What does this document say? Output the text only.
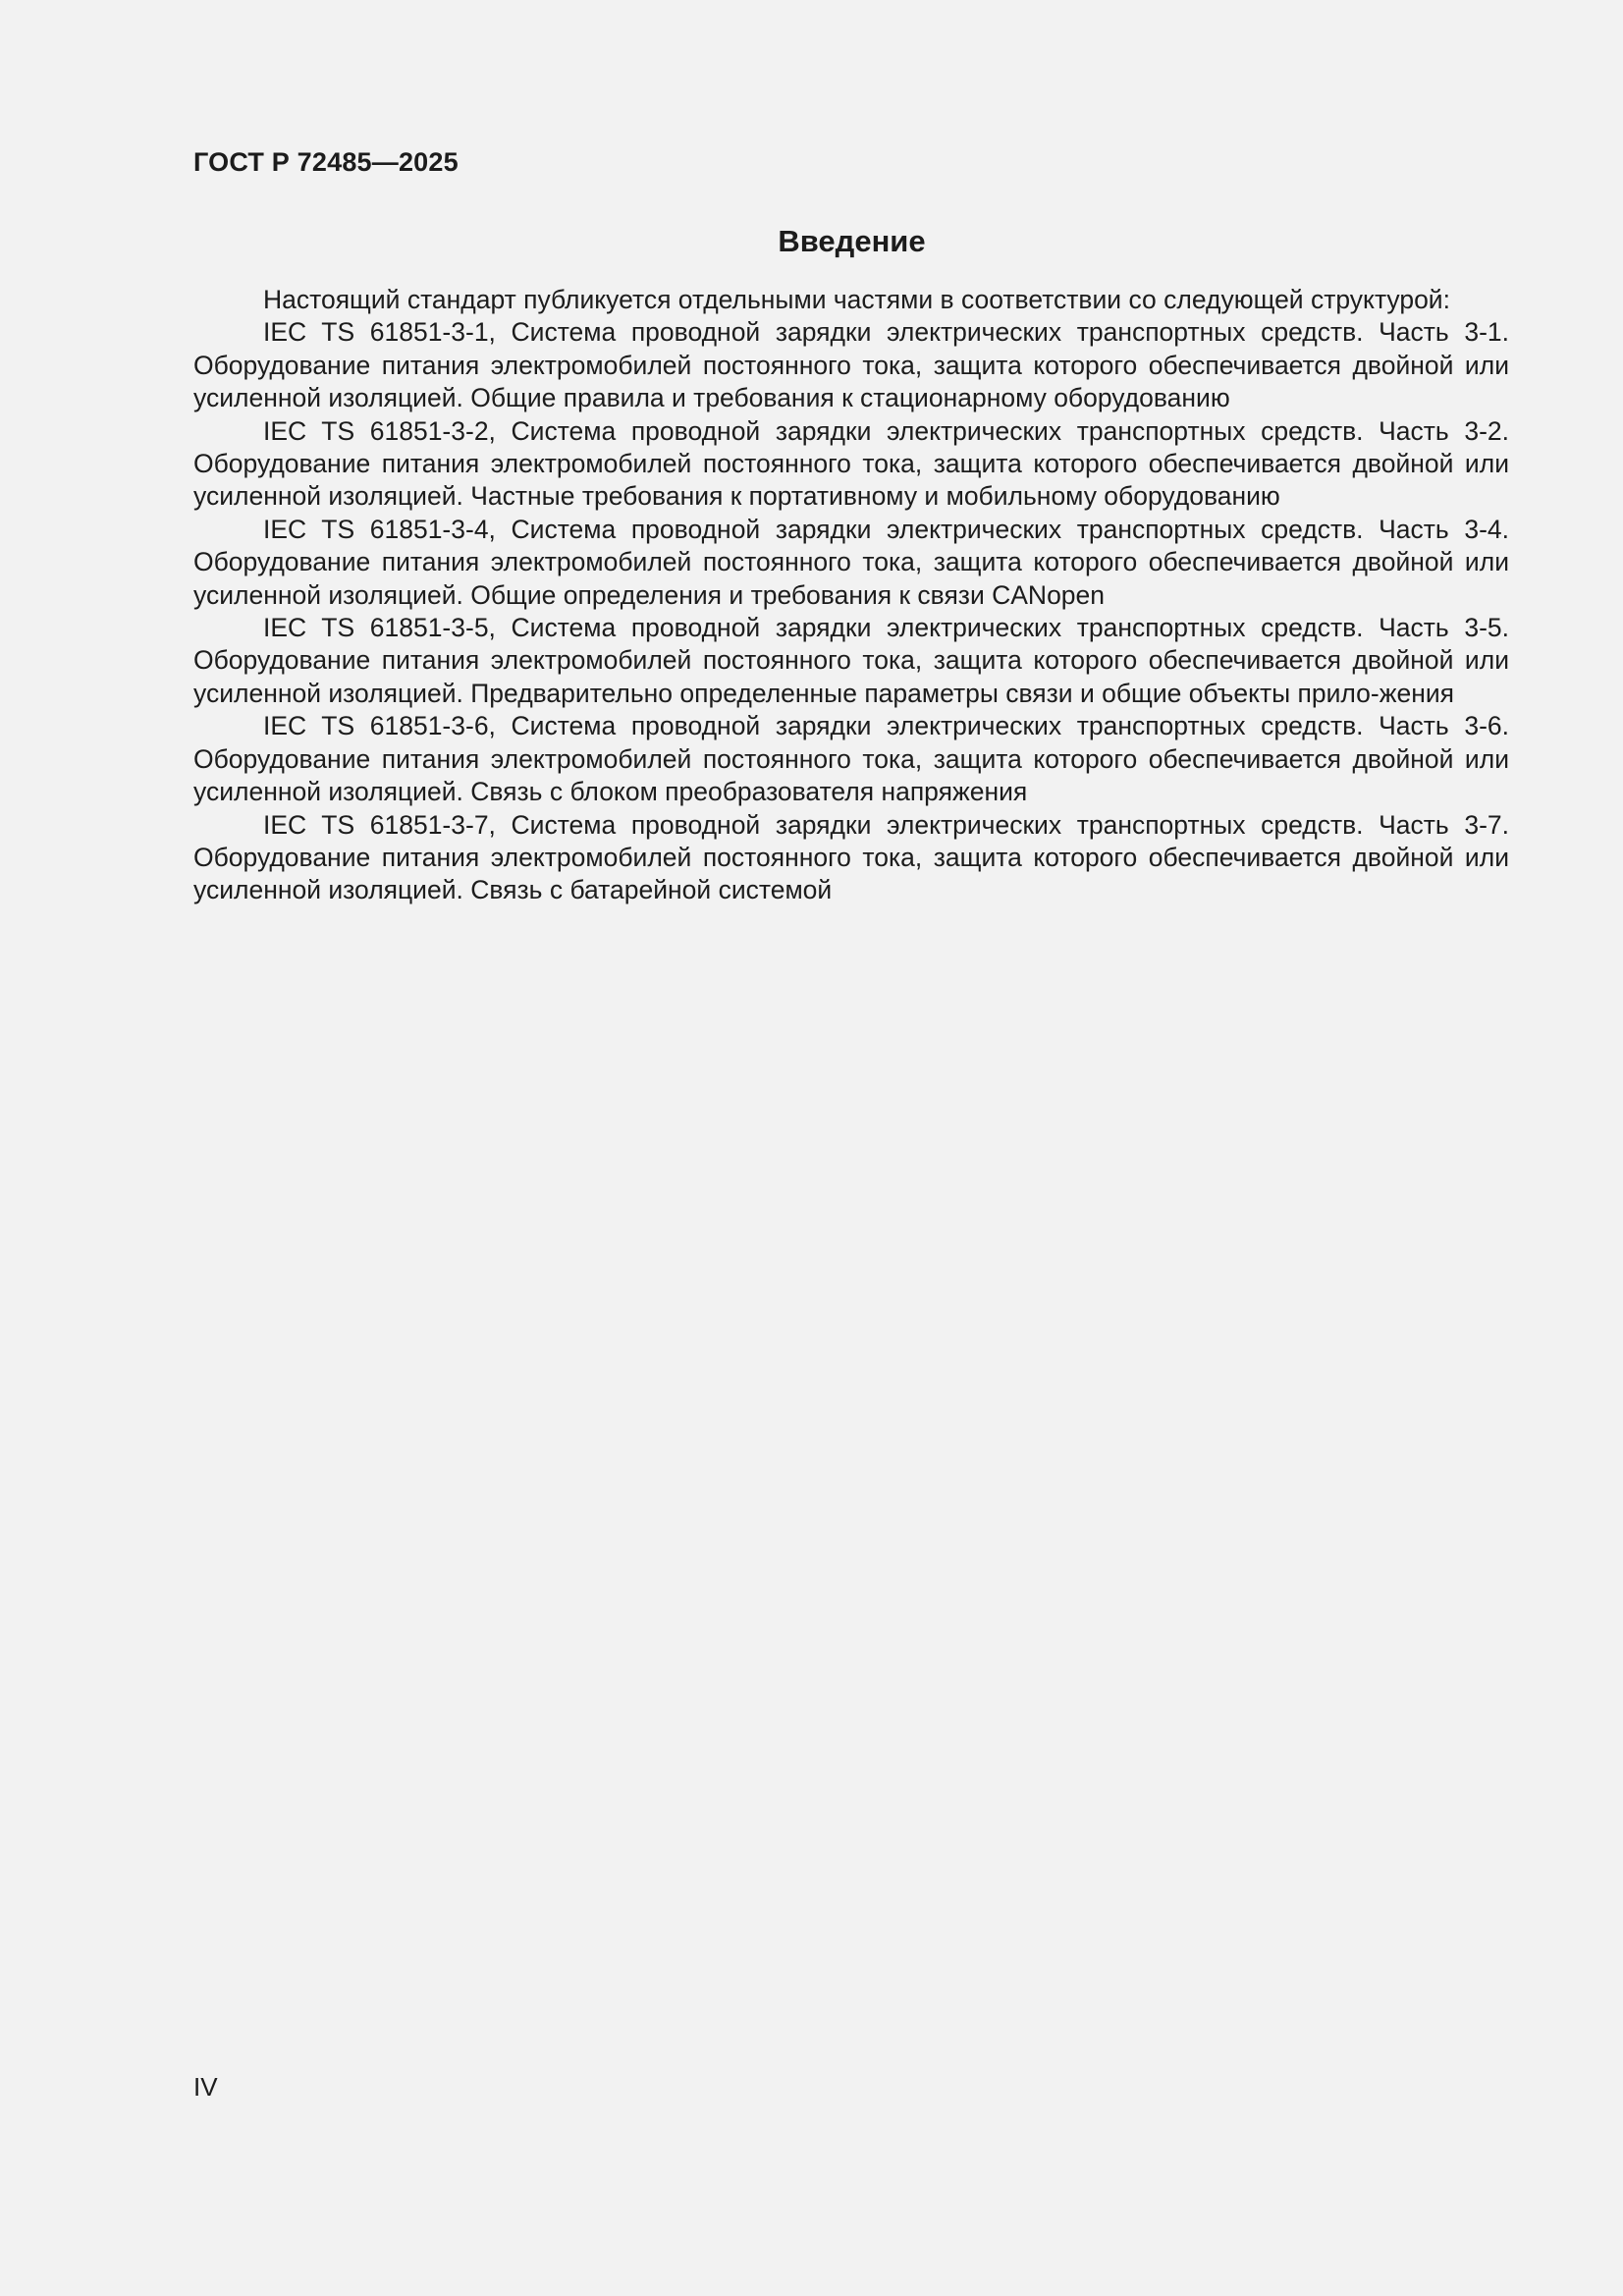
ГОСТ Р 72485—2025

Введение

Настоящий стандарт публикуется отдельными частями в соответствии со следующей структурой:

IEC TS 61851-3-1, Система проводной зарядки электрических транспортных средств. Часть 3-1. Оборудование питания электромобилей постоянного тока, защита которого обеспечивается двойной или усиленной изоляцией. Общие правила и требования к стационарному оборудованию

IEC TS 61851-3-2, Система проводной зарядки электрических транспортных средств. Часть 3-2. Оборудование питания электромобилей постоянного тока, защита которого обеспечивается двойной или усиленной изоляцией. Частные требования к портативному и мобильному оборудованию

IEC TS 61851-3-4, Система проводной зарядки электрических транспортных средств. Часть 3-4. Оборудование питания электромобилей постоянного тока, защита которого обеспечивается двойной или усиленной изоляцией. Общие определения и требования к связи CANopen

IEC TS 61851-3-5, Система проводной зарядки электрических транспортных средств. Часть 3-5. Оборудование питания электромобилей постоянного тока, защита которого обеспечивается двойной или усиленной изоляцией. Предварительно определенные параметры связи и общие объекты прило-жения

IEC TS 61851-3-6, Система проводной зарядки электрических транспортных средств. Часть 3-6. Оборудование питания электромобилей постоянного тока, защита которого обеспечивается двойной или усиленной изоляцией. Связь с блоком преобразователя напряжения

IEC TS 61851-3-7, Система проводной зарядки электрических транспортных средств. Часть 3-7. Оборудование питания электромобилей постоянного тока, защита которого обеспечивается двойной или усиленной изоляцией. Связь с батарейной системой

IV
